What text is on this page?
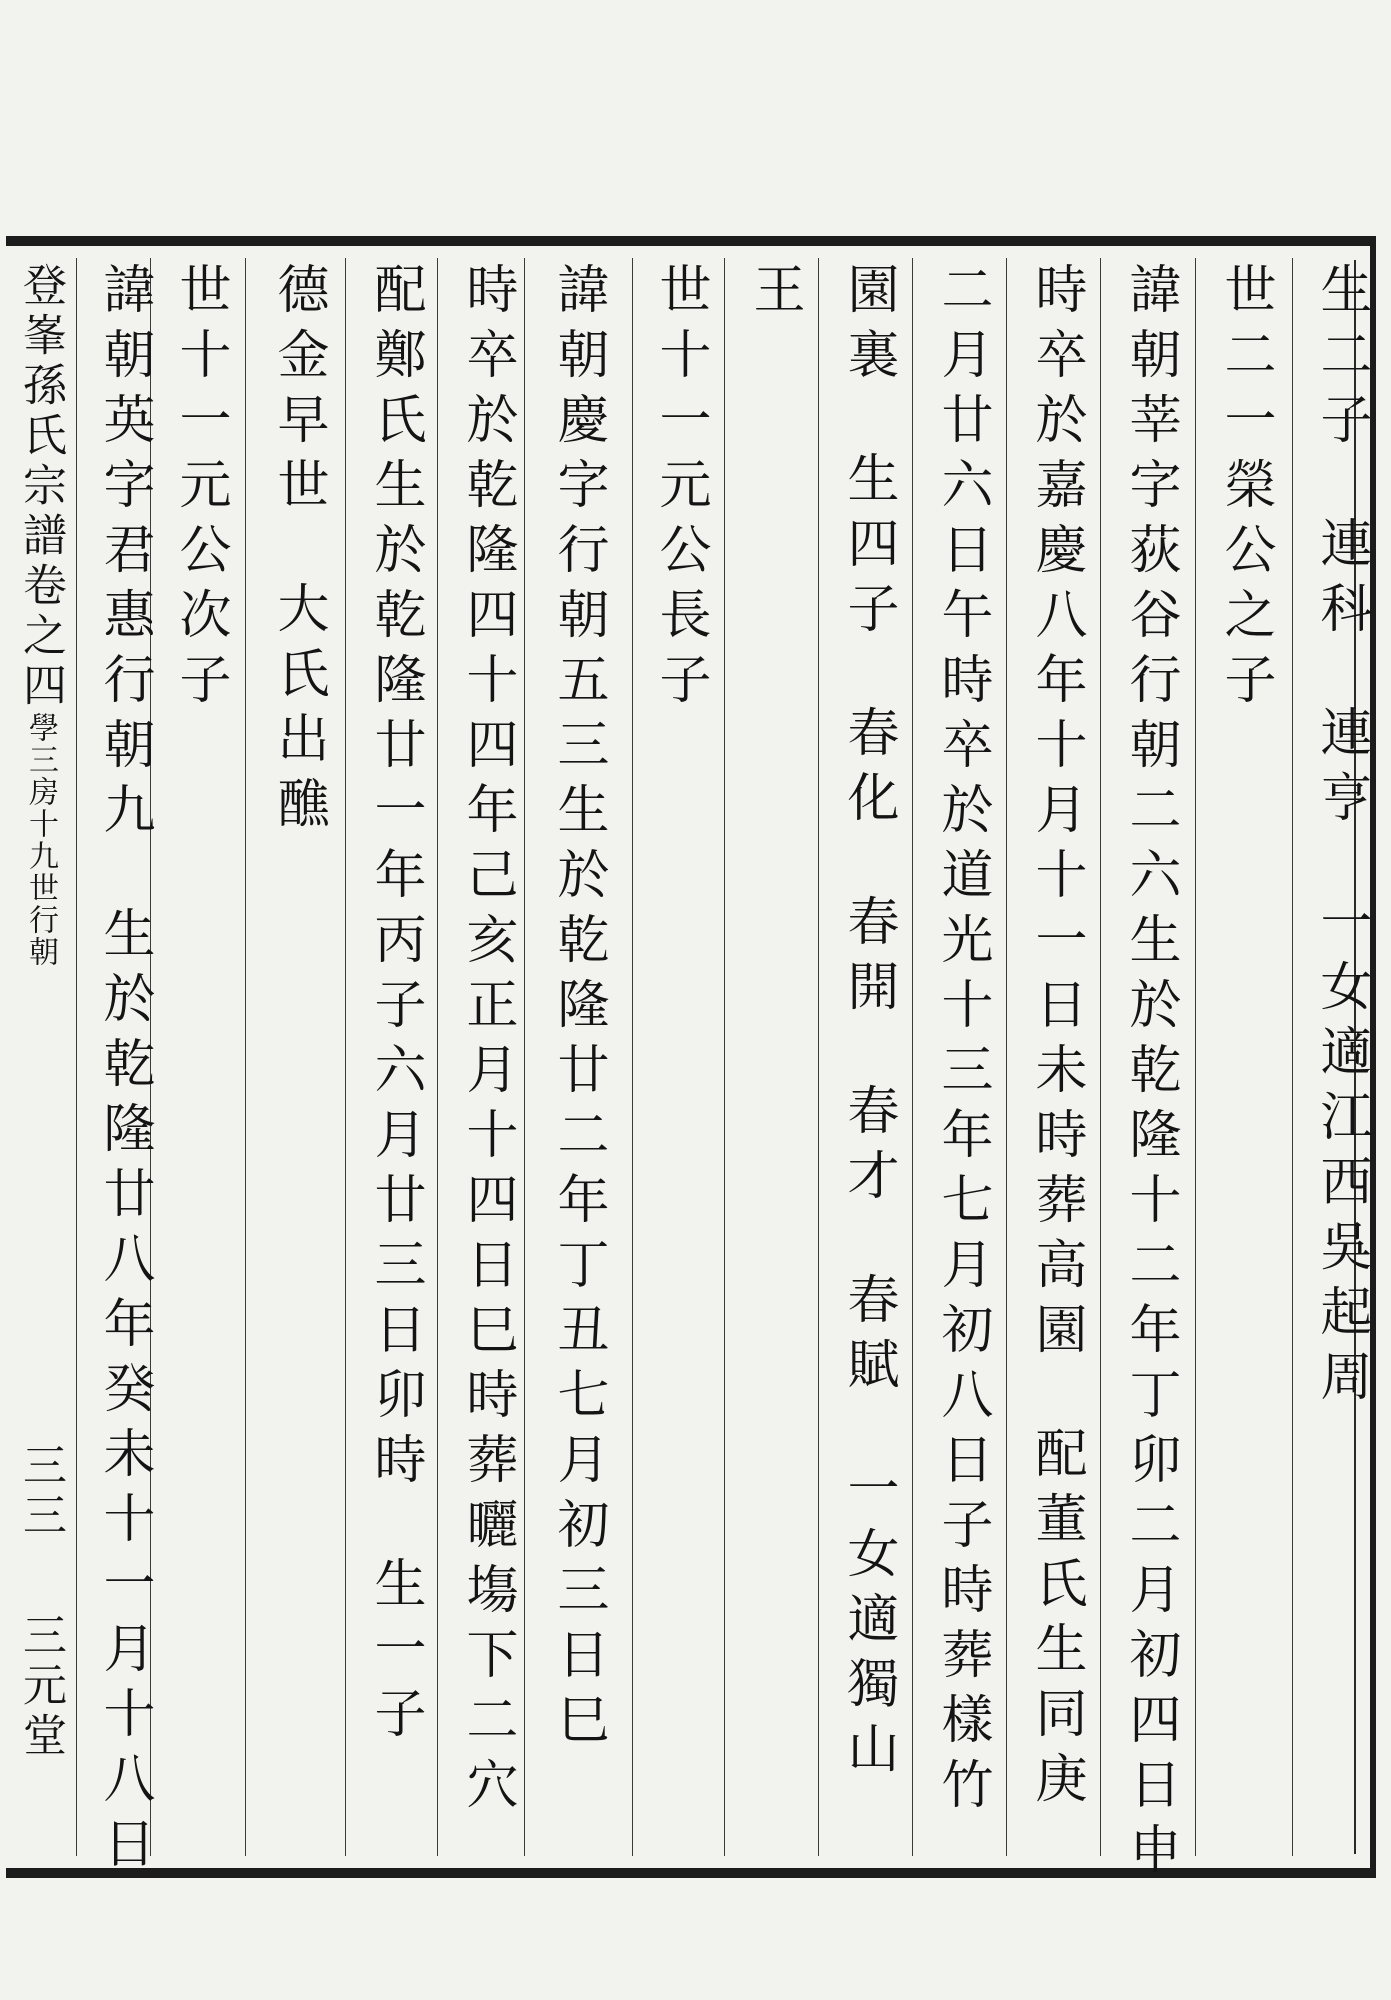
生二子  連科  連亨  一女適江西吳起周

世二一榮公之子

諱朝莘字荻谷行朝二六生於乾隆十二年丁卯二月初四日申

時卒於嘉慶八年十月十一日未時葬高園  配董氏生同庚

二月廿六日午時卒於道光十三年七月初八日子時葬樣竹

園裏  生四子  春化  春開  春才  春賦  一女適獨山

王

世十一元公長子

諱朝慶字行朝五三生於乾隆廿二年丁丑七月初三日巳

時卒於乾隆四十四年己亥正月十四日巳時葬曬塲下二穴

配鄭氏生於乾隆廿一年丙子六月廿三日卯時  生一子

德金早世  大氏出醮

世十一元公次子

諱朝英字君惠行朝九  生於乾隆廿八年癸未十一月十八日

登峯孫氏宗譜卷之四學三房十九世行朝

三三

三元堂
